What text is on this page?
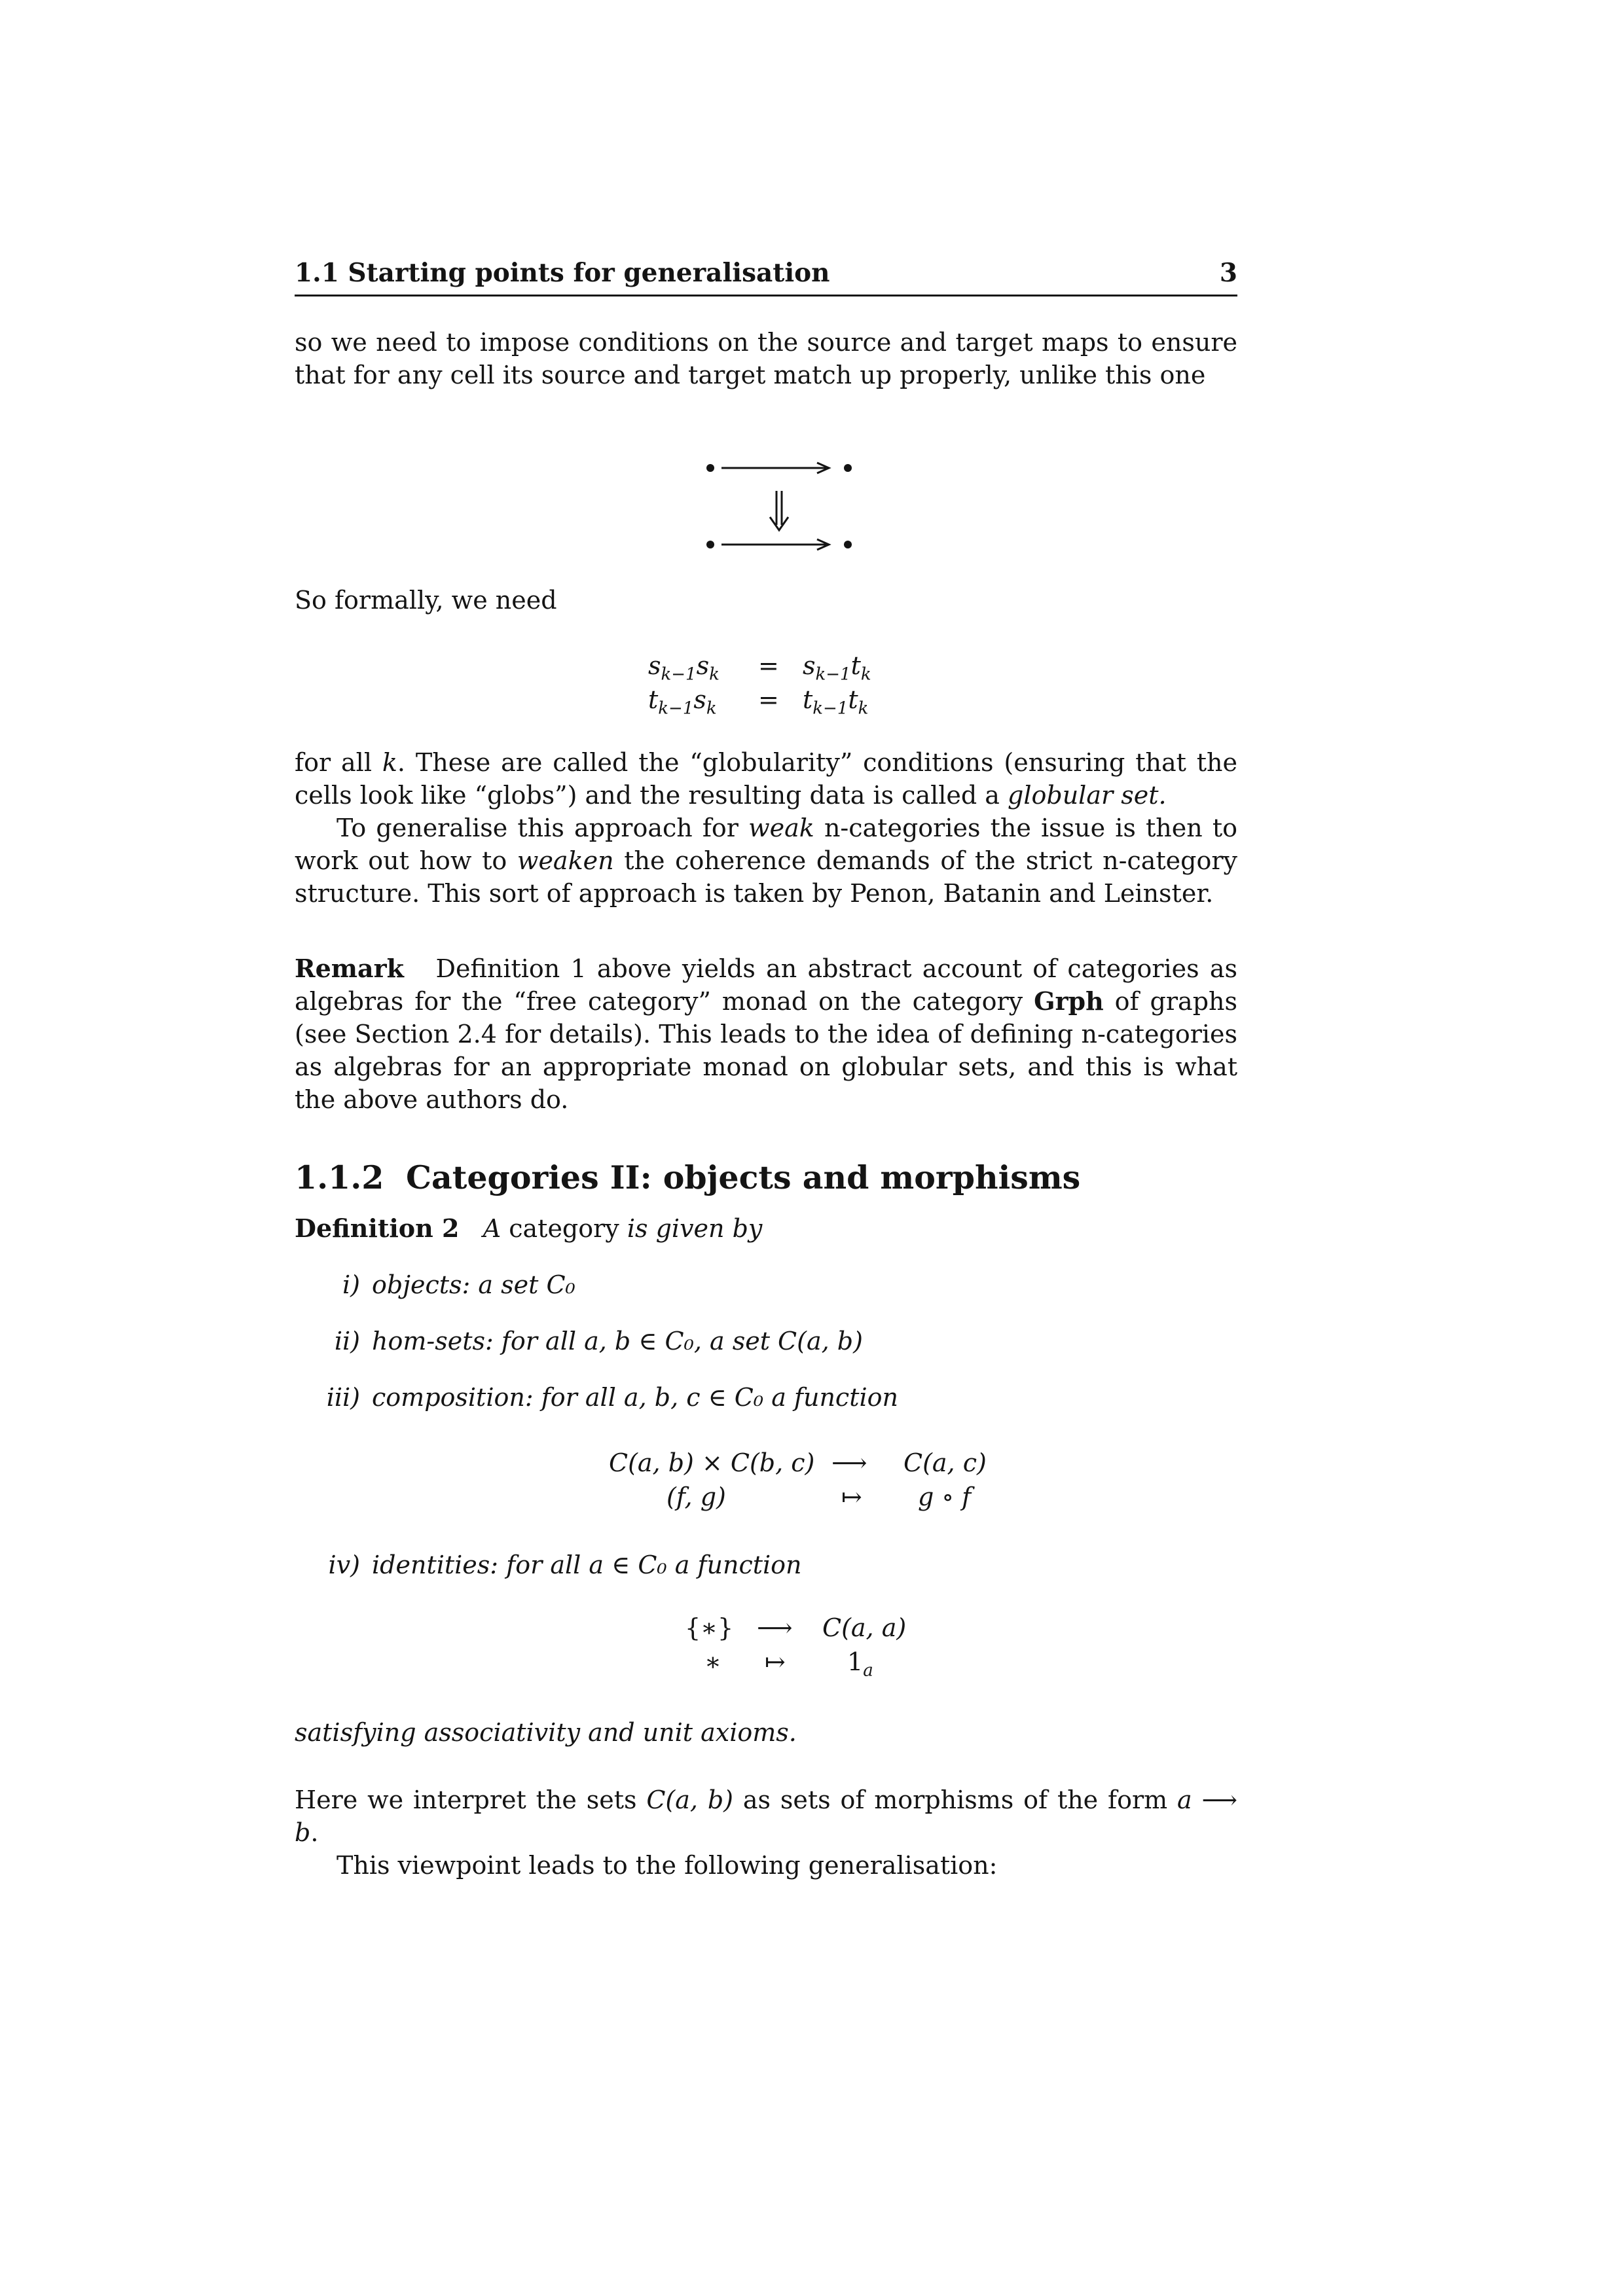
1.1 Starting points for generalisation	3

so we need to impose conditions on the source and target maps to ensure that for any cell its source and target match up properly, unlike this one

So formally, we need

$s_{k-1}s_k = s_{k-1}t_k$
$t_{k-1}s_k = t_{k-1}t_k$
for all k. These are called the “globularity” conditions (ensuring that the cells look like “globs”) and the resulting data is called a globular set.
To generalise this approach for weak n-categories the issue is then to work out how to weaken the coherence demands of the strict n-category structure. This sort of approach is taken by Penon, Batanin and Leinster.
Remark Definition 1 above yields an abstract account of categories as algebras for the “free category” monad on the category Grph of graphs (see Section 2.4 for details). This leads to the idea of defining n-categories as algebras for an appropriate monad on globular sets, and this is what the above authors do.
1.1.2 Categories II: objects and morphisms
Definition 2 A category is given by
i) objects: a set C₀
ii) hom-sets: for all a, b ∈ C₀, a set C(a, b)
iii) composition: for all a, b, c ∈ C₀ a function
C(a, b) × C(b, c) ⟶ C(a, c)
(f, g)	↦ g ∘ f
iv) identities: for all a ∈ C₀ a function
{∗} ⟶ C(a, a)
∗ ↦ $1_a$
satisfying associativity and unit axioms.
Here we interpret the sets C(a, b) as sets of morphisms of the form a ⟶ b.
This viewpoint leads to the following generalisation:
